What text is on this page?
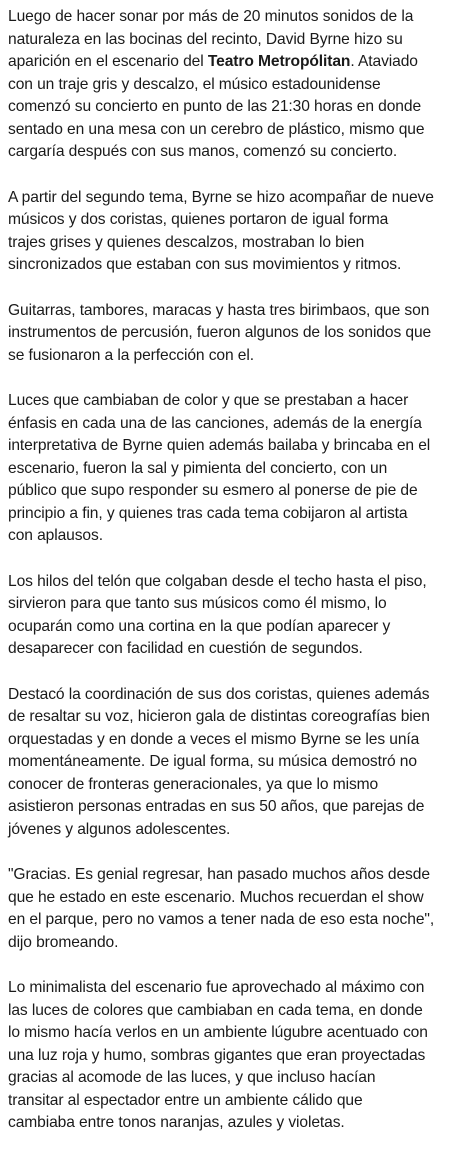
Luego de hacer sonar por más de 20 minutos sonidos de la
naturaleza en las bocinas del recinto, David Byrne hizo su
aparición en el escenario del Teatro Metropólitan. Ataviado
con un traje gris y descalzo, el músico estadounidense
comenzó su concierto en punto de las 21:30 horas en donde
sentado en una mesa con un cerebro de plástico, mismo que
cargaría después con sus manos, comenzó su concierto.

A partir del segundo tema, Byrne se hizo acompañar de nueve
músicos y dos coristas, quienes portaron de igual forma
trajes grises y quienes descalzos, mostraban lo bien
sincronizados que estaban con sus movimientos y ritmos.

Guitarras, tambores, maracas y hasta tres birimbaos, que son
instrumentos de percusión, fueron algunos de los sonidos que
se fusionaron a la perfección con el.

Luces que cambiaban de color y que se prestaban a hacer
énfasis en cada una de las canciones, además de la energía
interpretativa de Byrne quien además bailaba y brincaba en el
escenario, fueron la sal y pimienta del concierto, con un
público que supo responder su esmero al ponerse de pie de
principio a fin, y quienes tras cada tema cobijaron al artista
con aplausos.

Los hilos del telón que colgaban desde el techo hasta el piso,
sirvieron para que tanto sus músicos como él mismo, lo
ocuparán como una cortina en la que podían aparecer y
desaparecer con facilidad en cuestión de segundos.

Destacó la coordinación de sus dos coristas, quienes además
de resaltar su voz, hicieron gala de distintas coreografías bien
orquestadas y en donde a veces el mismo Byrne se les unía
momentáneamente. De igual forma, su música demostró no
conocer de fronteras generacionales, ya que lo mismo
asistieron personas entradas en sus 50 años, que parejas de
jóvenes y algunos adolescentes.

"Gracias. Es genial regresar, han pasado muchos años desde
que he estado en este escenario. Muchos recuerdan el show
en el parque, pero no vamos a tener nada de eso esta noche",
dijo bromeando.

Lo minimalista del escenario fue aprovechado al máximo con
las luces de colores que cambiaban en cada tema, en donde
lo mismo hacía verlos en un ambiente lúgubre acentuado con
una luz roja y humo, sombras gigantes que eran proyectadas
gracias al acomode de las luces, y que incluso hacían
transitar al espectador entre un ambiente cálido que
cambiaba entre tonos naranjas, azules y violetas.
